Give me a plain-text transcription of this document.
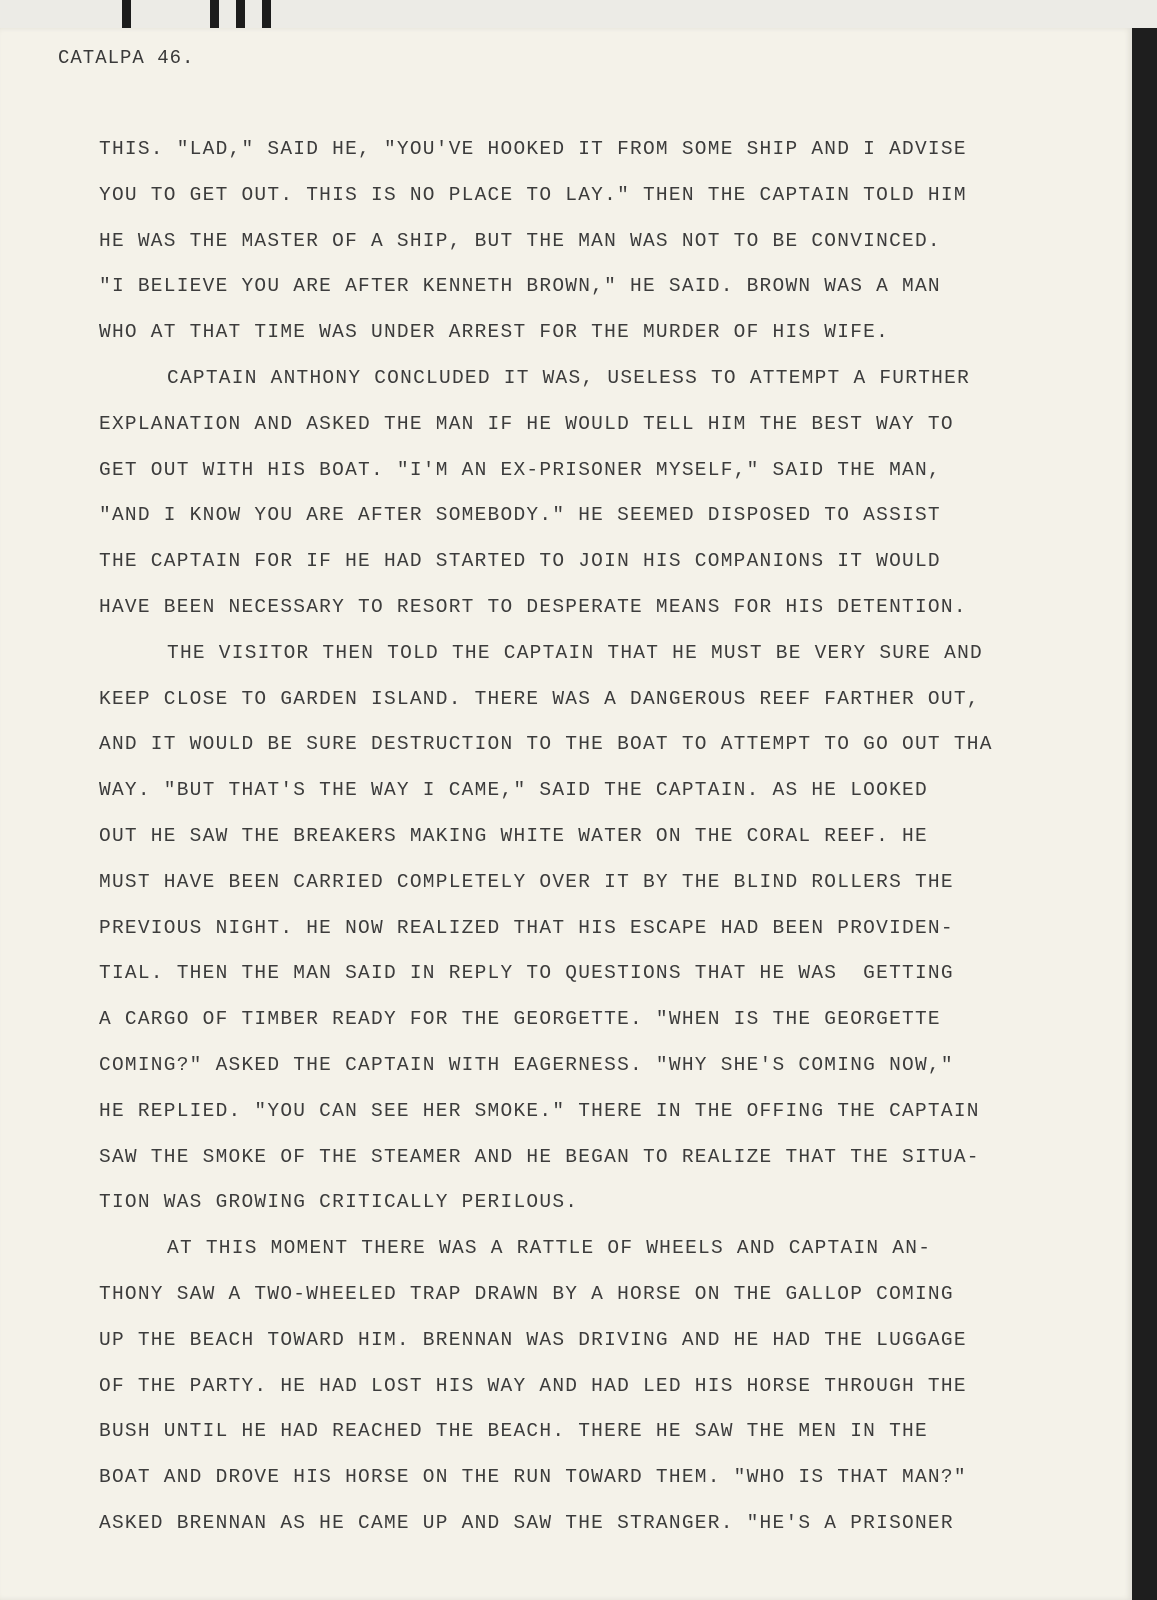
CATALPA 46.
THIS. "LAD," SAID HE, "YOU'VE HOOKED IT FROM SOME SHIP AND I ADVISE
YOU TO GET OUT. THIS IS NO PLACE TO LAY." THEN THE CAPTAIN TOLD HIM
HE WAS THE MASTER OF A SHIP, BUT THE MAN WAS NOT TO BE CONVINCED.
"I BELIEVE YOU ARE AFTER KENNETH BROWN," HE SAID. BROWN WAS A MAN
WHO AT THAT TIME WAS UNDER ARREST FOR THE MURDER OF HIS WIFE.
CAPTAIN ANTHONY CONCLUDED IT WAS, USELESS TO ATTEMPT A FURTHER
EXPLANATION AND ASKED THE MAN IF HE WOULD TELL HIM THE BEST WAY TO
GET OUT WITH HIS BOAT. "I'M AN EX-PRISONER MYSELF," SAID THE MAN,
"AND I KNOW YOU ARE AFTER SOMEBODY." HE SEEMED DISPOSED TO ASSIST
THE CAPTAIN FOR IF HE HAD STARTED TO JOIN HIS COMPANIONS IT WOULD
HAVE BEEN NECESSARY TO RESORT TO DESPERATE MEANS FOR HIS DETENTION.
THE VISITOR THEN TOLD THE CAPTAIN THAT HE MUST BE VERY SURE AND
KEEP CLOSE TO GARDEN ISLAND. THERE WAS A DANGEROUS REEF FARTHER OUT,
AND IT WOULD BE SURE DESTRUCTION TO THE BOAT TO ATTEMPT TO GO OUT THA
WAY. "BUT THAT'S THE WAY I CAME," SAID THE CAPTAIN. AS HE LOOKED
OUT HE SAW THE BREAKERS MAKING WHITE WATER ON THE CORAL REEF. HE
MUST HAVE BEEN CARRIED COMPLETELY OVER IT BY THE BLIND ROLLERS THE
PREVIOUS NIGHT. HE NOW REALIZED THAT HIS ESCAPE HAD BEEN PROVIDEN-
TIAL. THEN THE MAN SAID IN REPLY TO QUESTIONS THAT HE WAS  GETTING
A CARGO OF TIMBER READY FOR THE GEORGETTE. "WHEN IS THE GEORGETTE
COMING?" ASKED THE CAPTAIN WITH EAGERNESS. "WHY SHE'S COMING NOW,"
HE REPLIED. "YOU CAN SEE HER SMOKE." THERE IN THE OFFING THE CAPTAIN
SAW THE SMOKE OF THE STEAMER AND HE BEGAN TO REALIZE THAT THE SITUA-
TION WAS GROWING CRITICALLY PERILOUS.
AT THIS MOMENT THERE WAS A RATTLE OF WHEELS AND CAPTAIN AN-
THONY SAW A TWO-WHEELED TRAP DRAWN BY A HORSE ON THE GALLOP COMING
UP THE BEACH TOWARD HIM. BRENNAN WAS DRIVING AND HE HAD THE LUGGAGE
OF THE PARTY. HE HAD LOST HIS WAY AND HAD LED HIS HORSE THROUGH THE
BUSH UNTIL HE HAD REACHED THE BEACH. THERE HE SAW THE MEN IN THE
BOAT AND DROVE HIS HORSE ON THE RUN TOWARD THEM. "WHO IS THAT MAN?"
ASKED BRENNAN AS HE CAME UP AND SAW THE STRANGER. "HE'S A PRISONER
